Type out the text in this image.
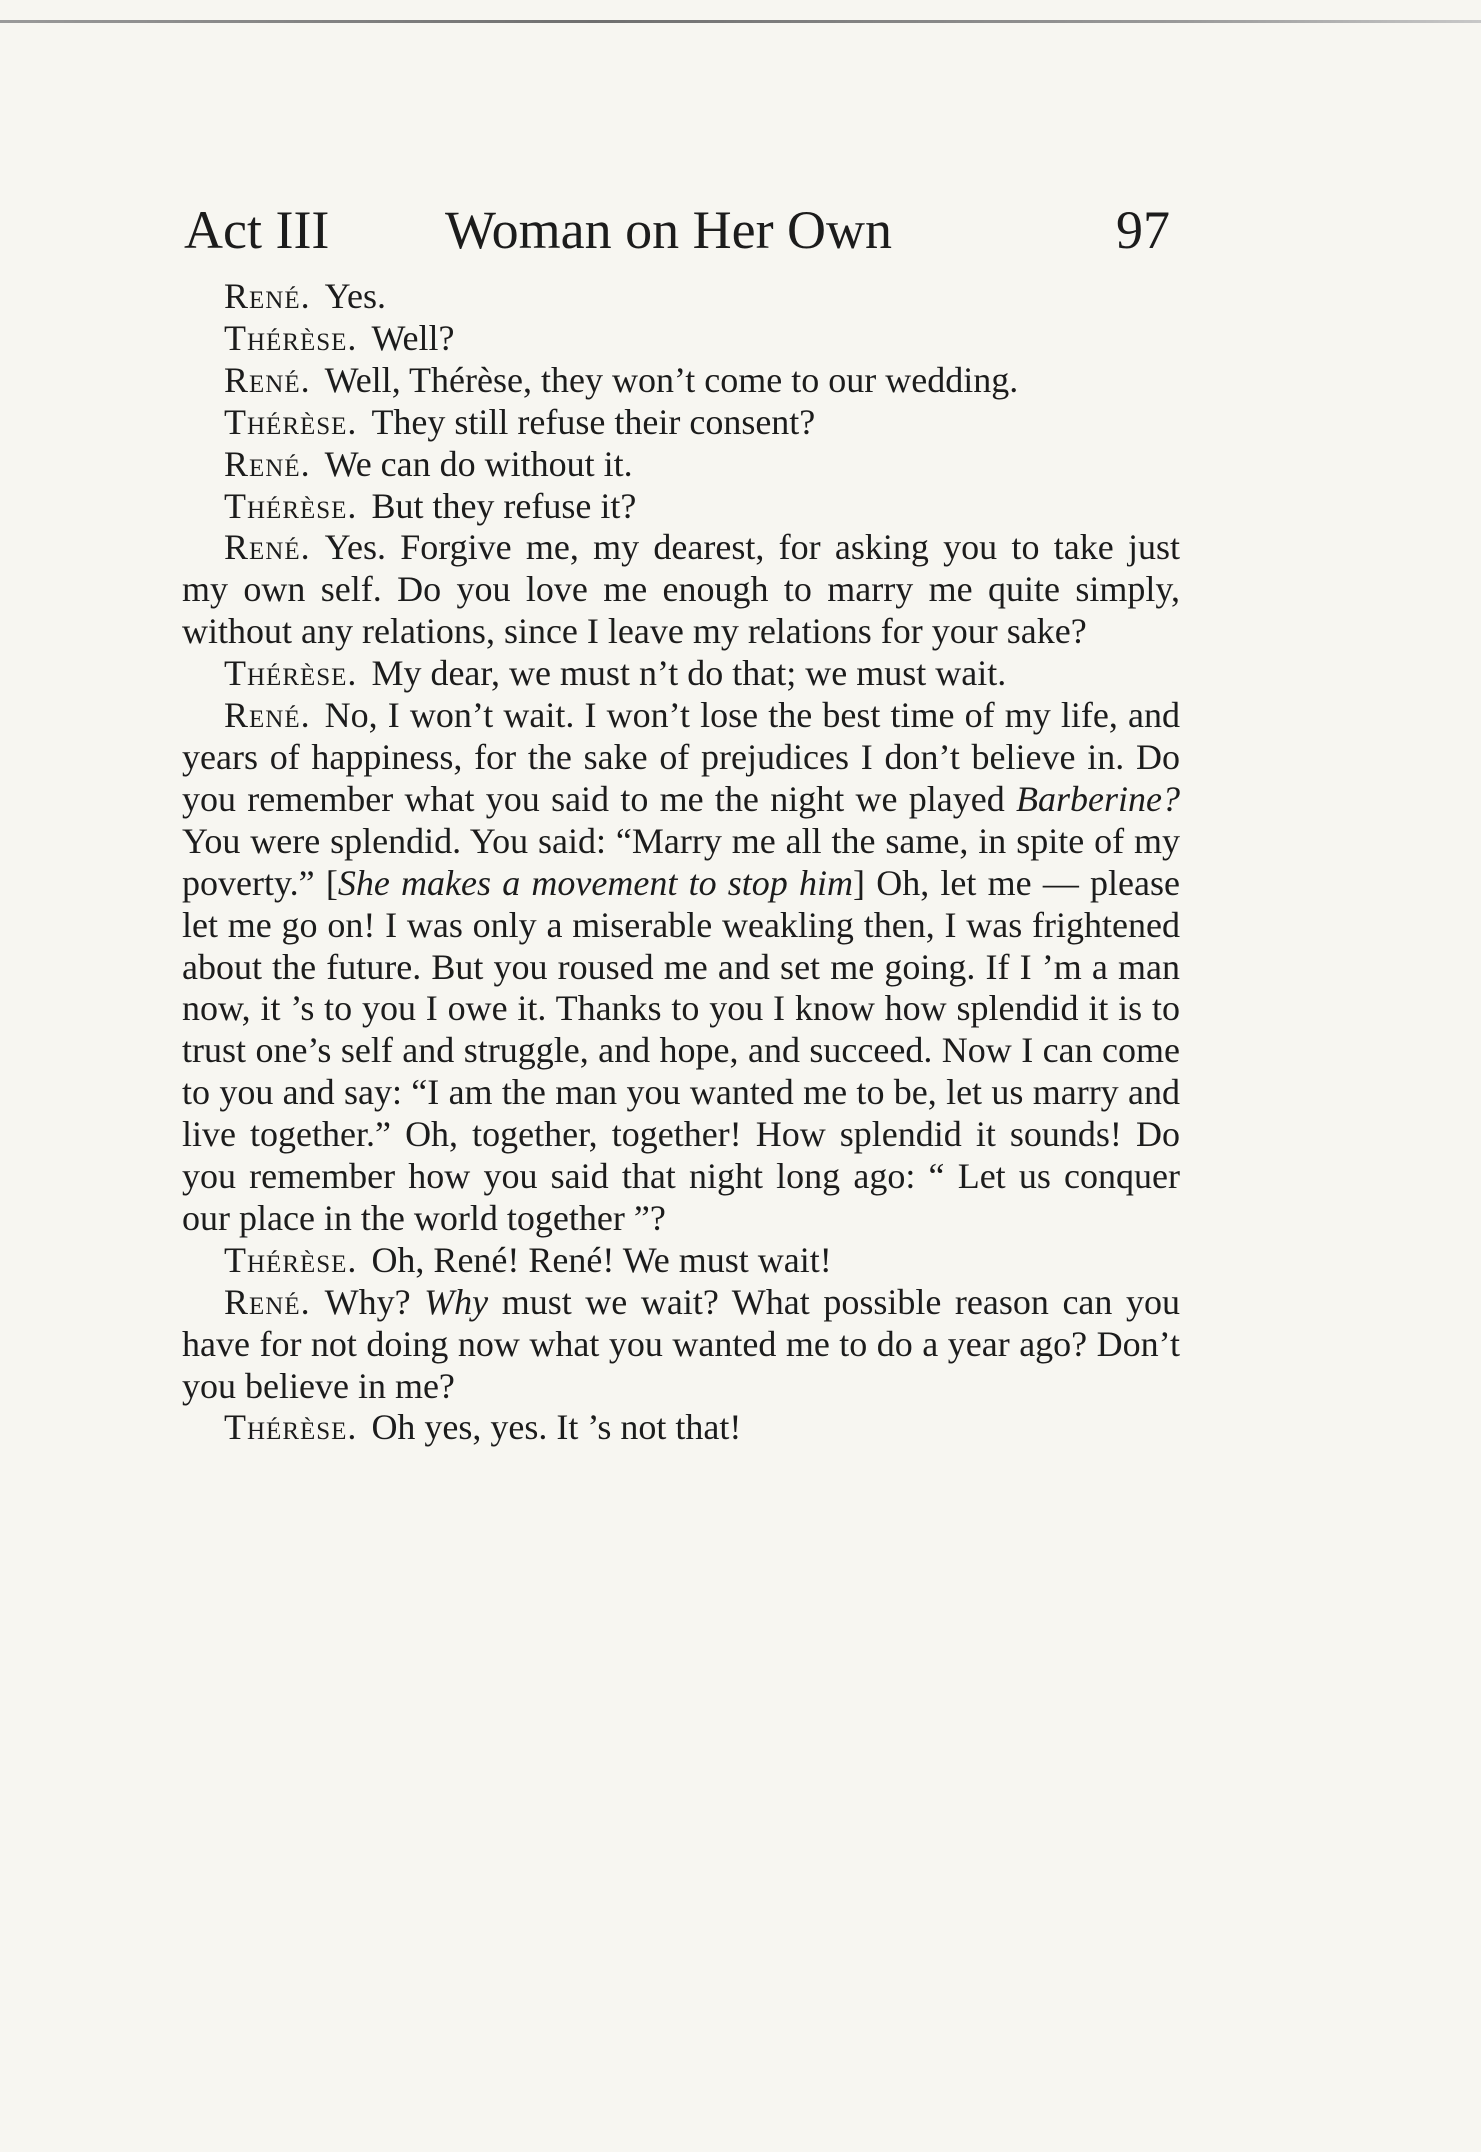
Act III Woman on Her Own	97

René. Yes.

Thérèse. Well?

René. Well, Thérèse, they won’t come to our wedding.

Thérèse. They still refuse their consent?

René. We can do without it.

Thérèse. But they refuse it?

René. Yes. Forgive me, my dearest, for asking you to take just my own self. Do you love me enough to marry me quite simply, without any relations, since I leave my relations for your sake?

Thérèse. My dear, we must n’t do that; we must wait.

René. No, I won’t wait. I won’t lose the best time of my life, and years of happiness, for the sake of prejudices I don’t believe in. Do you remember what you said to me the night we played Barberine? You were splendid. You said: “Marry me all the same, in spite of my poverty.” [She makes a movement to stop him] Oh, let me — please let me go on! I was only a miserable weakling then, I was frightened about the future. But you roused me and set me going. If I ’m a man now, it ’s to you I owe it. Thanks to you I know how splendid it is to trust one’s self and struggle, and hope, and succeed. Now I can come to you and say: “I am the man you wanted me to be, let us marry and live together.” Oh, together, together! How splendid it sounds! Do you remember how you said that night long ago: “ Let us conquer our place in the world together ”?

Thérèse. Oh, René! René! We must wait!

René. Why? Why must we wait? What possible reason can you have for not doing now what you wanted me to do a year ago? Don’t you believe in me?

Thérèse. Oh yes, yes. It ’s not that!
